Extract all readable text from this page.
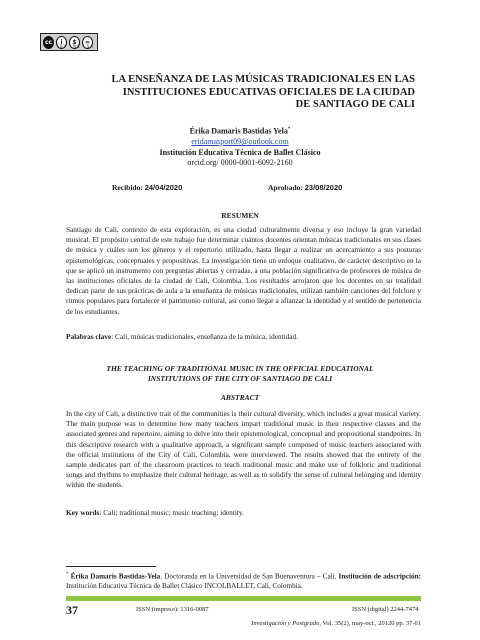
cc	i	$	=
BY NC SA
LA ENSEÑANZA DE LAS MÚSICAS TRADICIONALES EN LAS INSTITUCIONES EDUCATIVAS OFICIALES DE LA CIUDAD DE SANTIAGO DE CALI
Érika Damaris Bastidas Yela*
eridamasport09@outlook.com
Institución Educativa Técnica de Ballet Clásico
orcid.org/ 0000-0001-6092-2160
Recibido: 24/04/2020	Aprobado: 23/08/2020
RESUMEN
Santiago de Cali, contexto de esta exploración, es una ciudad culturalmente diversa y eso incluye la gran variedad musical. El propósito central de este trabajo fue determinar cuántos docentes orientan músicas tradicionales en sus clases de música y cuáles son los géneros y el repertorio utilizado, hasta llegar a realizar un acercamiento a sus posturas epistemológicas, conceptuales y propositivas. La investigación tiene un enfoque cualitativo, de carácter descriptivo en la que se aplicó un instrumento con preguntas abiertas y cerradas, a una población significativa de profesores de música de las instituciones oficiales de la ciudad de Cali, Colombia. Los resultados arrojaron que los docentes en su totalidad dedican parte de sus prácticas de aula a la enseñanza de músicas tradicionales, utilizan también canciones del folclore y ritmos populares para fortalecer el patrimonio cultural, así como llegar a afianzar la identidad y el sentido de pertenencia de los estudiantes.
Palabras clave: Cali, músicas tradicionales, enseñanza de la música, identidad.
THE TEACHING OF TRADITIONAL MUSIC IN THE OFFICIAL EDUCATIONAL INSTITUTIONS OF THE CITY OF SANTIAGO DE CALI
ABSTRACT
In the city of Cali, a distinctive trait of the communities is their cultural diversity, which includes a great musical variety. The main purpose was to determine how many teachers impart traditional music in their respective classes and the associated genres and repertoire, aiming to delve into their epistemological, conceptual and propositional standpoints. In this descriptive research with a qualitative approach, a significant sample composed of music teachers associated with the official institutions of the City of Cali, Colombia, were interviewed. The results showed that the entirety of the sample dedicates part of the classroom practices to teach traditional music and make use of folkloric and traditional songs and rhythms to emphasize their cultural heritage, as well as to solidify the sense of cultural belonging and identity within the students.
Key words: Cali; traditional music; music teaching; identity.
* Érika Damaris Bastidas-Yela. Doctoranda en la Universidad de San Buenaventura – Cali. Institución de adscripción: Institución Educativa Técnica de Ballet Clásico INCOLBALLET, Cali, Colombia.
37	ISSN (impreso): 1316-0087	ISSN (digital) 2244-7474
Investigación y Postgrado, Vol. 35(2), may-oct., 20120 pp. 37-61
